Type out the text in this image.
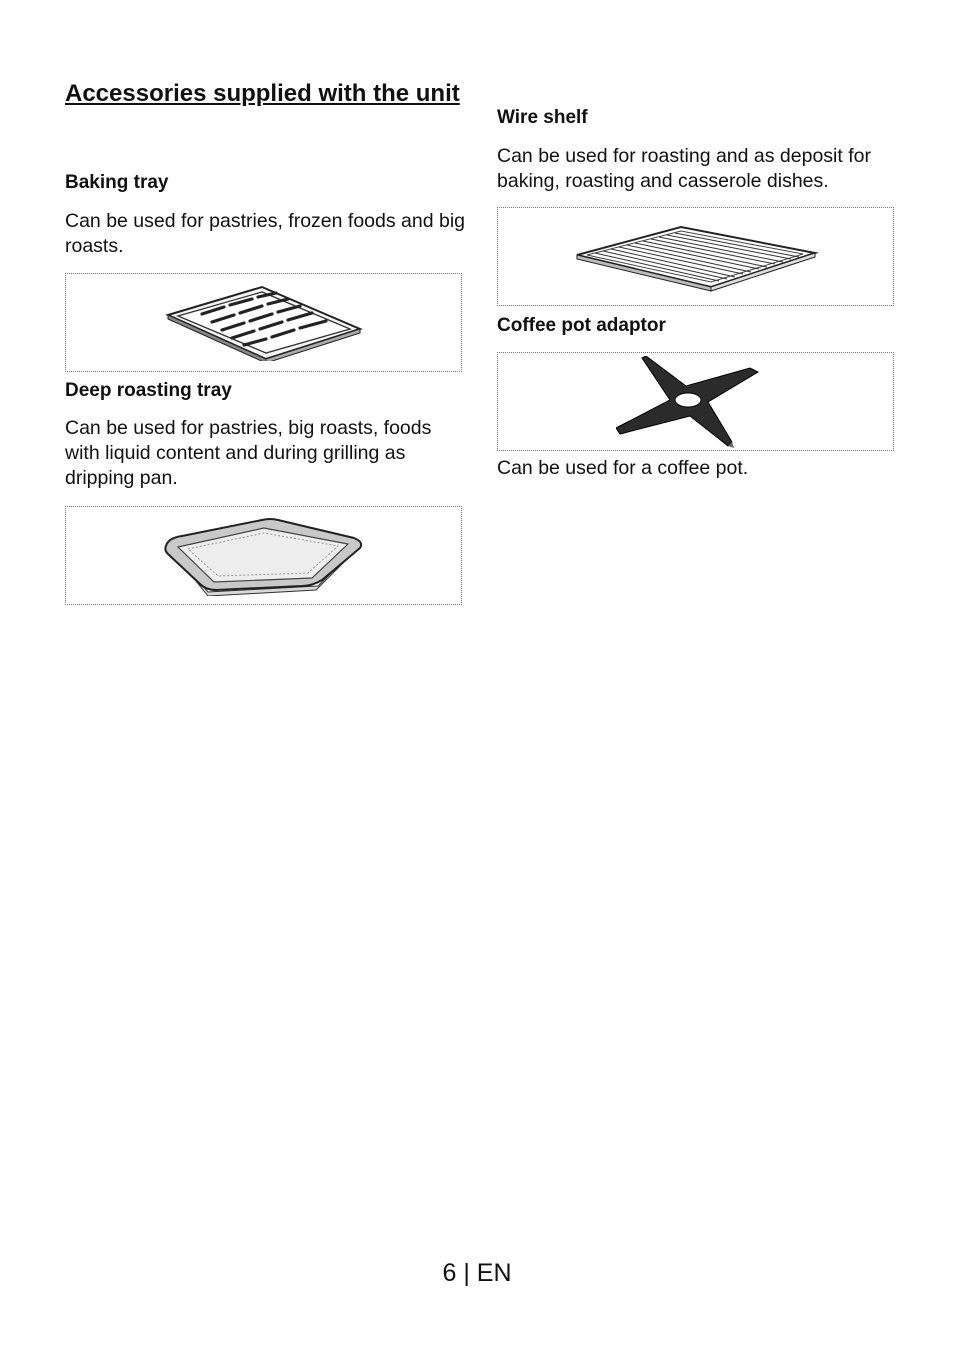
Accessories supplied with the unit
Baking tray

Can be used for pastries, frozen foods and big roasts.

Deep roasting tray

Can be used for pastries, big roasts, foods with liquid content and during grilling as dripping pan.

Wire shelf

Can be used for roasting and as deposit for baking, roasting and casserole dishes.

Coffee pot adaptor

Can be used for a coffee pot.

6 | EN
